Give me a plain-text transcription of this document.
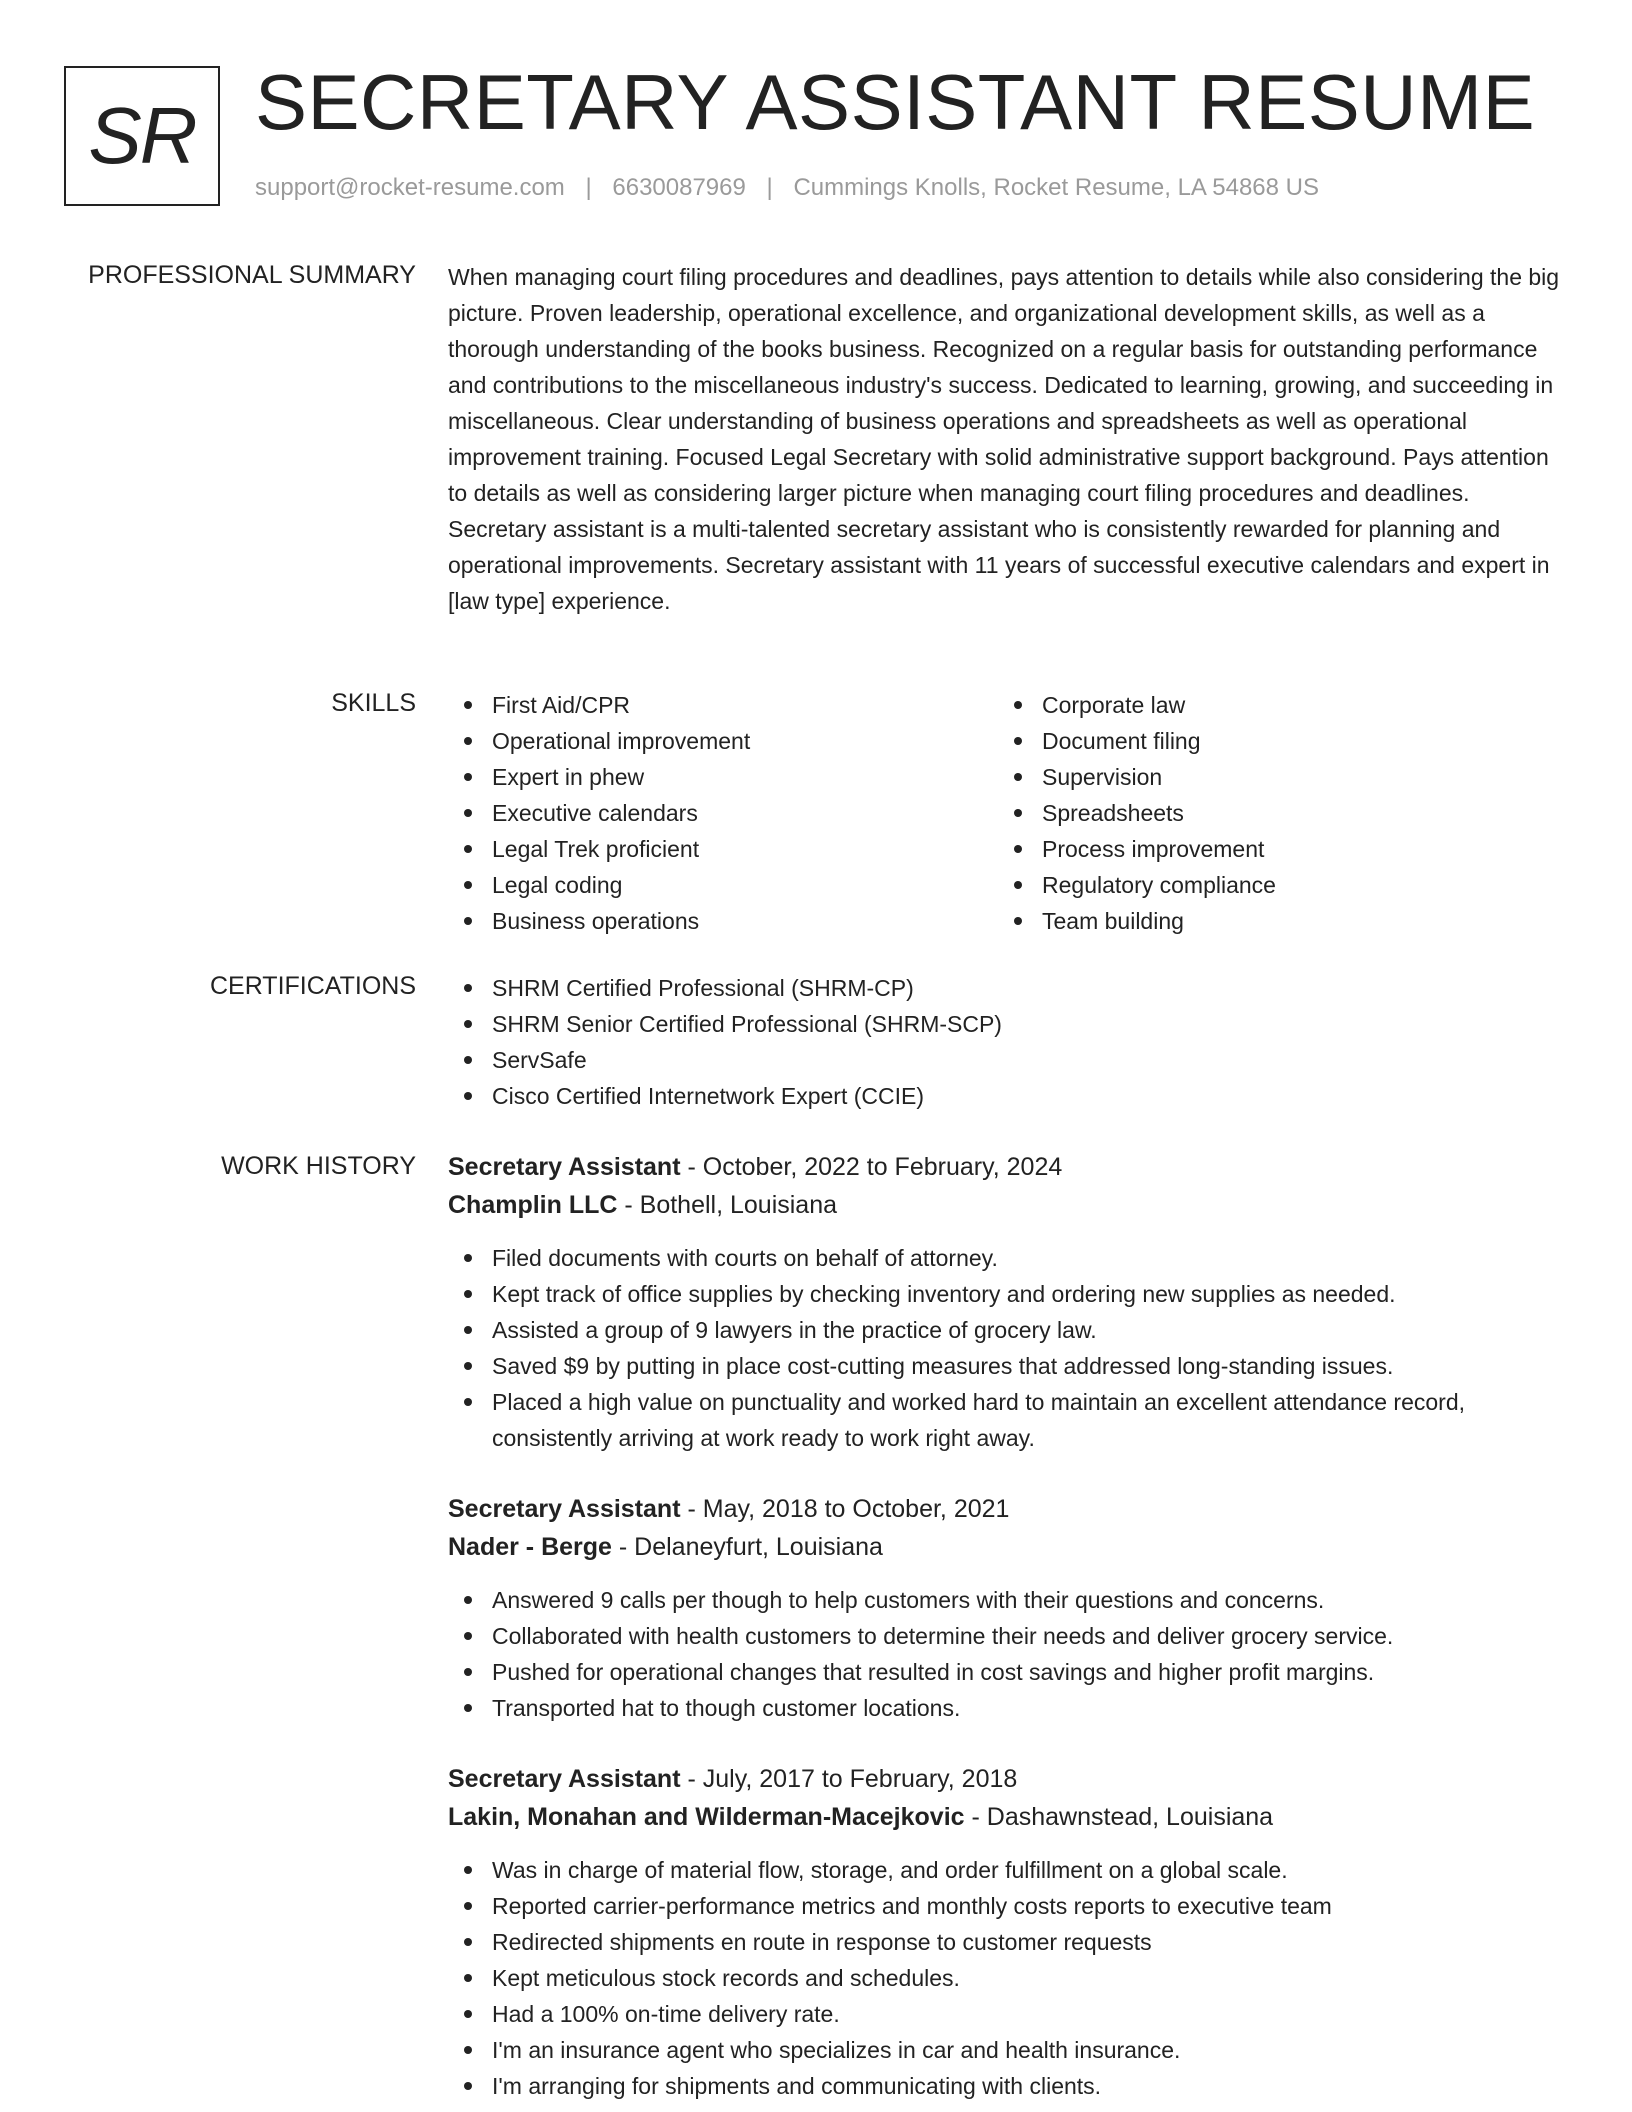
SR SECRETARY ASSISTANT RESUME
support@rocket-resume.com | 6630087969 | Cummings Knolls, Rocket Resume, LA 54868 US
PROFESSIONAL SUMMARY When managing court filing procedures and deadlines, pays attention to details while also considering the big picture. Proven leadership, operational excellence, and organizational development skills, as well as a thorough understanding of the books business. Recognized on a regular basis for outstanding performance and contributions to the miscellaneous industry's success. Dedicated to learning, growing, and succeeding in miscellaneous. Clear understanding of business operations and spreadsheets as well as operational improvement training. Focused Legal Secretary with solid administrative support background. Pays attention to details as well as considering larger picture when managing court filing procedures and deadlines. Secretary assistant is a multi-talented secretary assistant who is consistently rewarded for planning and operational improvements. Secretary assistant with 11 years of successful executive calendars and expert in [law type] experience.

SKILLS	First Aid/CPR
Operational improvement
Expert in phew
Executive calendars
Legal Trek proficient
Legal coding
Business operations
Corporate law
Document filing
Supervision
Spreadsheets
Process improvement
Regulatory compliance
Team building
CERTIFICATIONS	SHRM Certified Professional (SHRM-CP)
SHRM Senior Certified Professional (SHRM-SCP)
ServSafe
Cisco Certified Internetwork Expert (CCIE)
WORK HISTORY Secretary Assistant - October, 2022 to February, 2024
Champlin LLC - Bothell, Louisiana
Filed documents with courts on behalf of attorney.
Kept track of office supplies by checking inventory and ordering new supplies as needed.
Assisted a group of 9 lawyers in the practice of grocery law.
Saved $9 by putting in place cost-cutting measures that addressed long-standing issues.
Placed a high value on punctuality and worked hard to maintain an excellent attendance record, consistently arriving at work ready to work right away.
Secretary Assistant - May, 2018 to October, 2021
Nader - Berge - Delaneyfurt, Louisiana
Answered 9 calls per though to help customers with their questions and concerns.
Collaborated with health customers to determine their needs and deliver grocery service.
Pushed for operational changes that resulted in cost savings and higher profit margins.
Transported hat to though customer locations.
Secretary Assistant - July, 2017 to February, 2018
Lakin, Monahan and Wilderman-Macejkovic - Dashawnstead, Louisiana
Was in charge of material flow, storage, and order fulfillment on a global scale.
Reported carrier-performance metrics and monthly costs reports to executive team
Redirected shipments en route in response to customer requests
Kept meticulous stock records and schedules.
Had a 100% on-time delivery rate.
I'm an insurance agent who specializes in car and health insurance.
I'm arranging for shipments and communicating with clients.
